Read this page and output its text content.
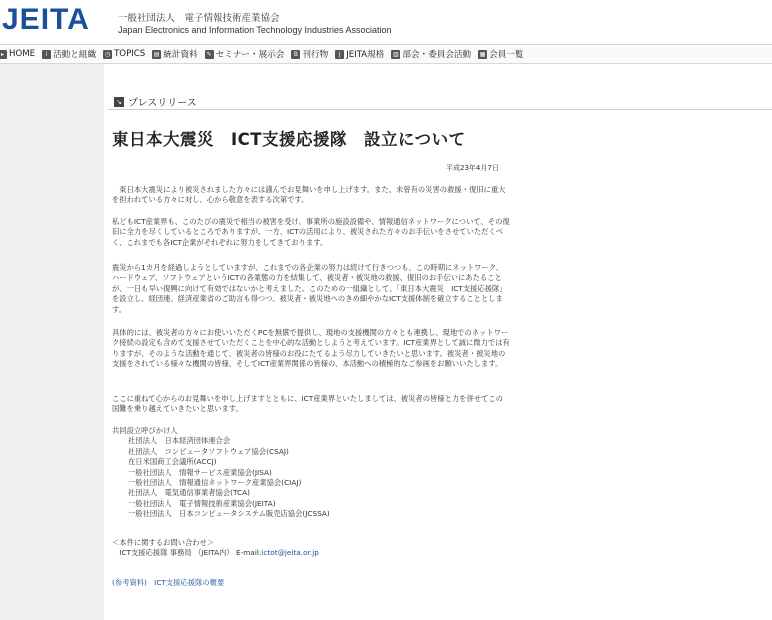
JEITA	一般社団法人　電子情報技術産業協会
Japan Electronics and Information Technology Industries Association
▸ HOME	i 活動と組織	◷ TOPICS ▤ 統計資料	✎ セミナー・展示会	B 刊行物	J JEITA規格 ▥ 部会・委員会活動 ▦ 会員一覧
↘ プレスリリース
東日本大震災　ICT支援応援隊　設立について
平成23年4月7日
　東日本大震災により被災されました方々には謹んでお見舞いを申し上げます。また、未曾有の災害の救援・復旧に重大を担われている方々に対し、心から敬意を表する次第です。
私どもICT産業界も、このたびの震災で相当の被害を受け、事業所の施設設備や、情報通信ネットワークについて、その復旧に全力を尽くしているところでありますが、一方、ICTの活用により、被災された方々のお手伝いをさせていただくべく、これまでも各ICT企業がそれぞれに努力をしてきております。
震災から1カ月を経過しようとしていますが、これまでの各企業の努力は続けて行きつつも、この時期にネットワーク、ハードウェア、ソフトウェアというICTの各業態の力を結集して、被災者・被災地の救援、復旧のお手伝いにあたることが、一日も早い復興に向けて有効ではないかと考えました。このための一組織として、「東日本大震災　ICT支援応援隊」を設立し、経団連、経済産業省のご助言も得つつ、被災者・被災地へのきめ細やかなICT支援体制を確立することとします。
具体的には、被災者の方々にお使いいただくPCを無償で提供し、現地の支援機関の方々とも連携し、現地でのネットワーク接続の設定も含めて支援させていただくことを中心的な活動としようと考えています。ICT産業界として誠に微力では有りますが、そのような活動を通じて、被災者の皆様のお役にたてるよう尽力していきたいと思います。被災者・被災地の支援をされている様々な機関の皆様、そしてICT産業界関係の皆様の、本活動への積極的なご参画をお願いいたします。
ここに重ねて心からのお見舞いを申し上げますとともに、ICT産業界といたしましては、被災者の皆様と力を併せてこの国難を乗り越えていきたいと思います。
共同設立呼びかけ人
社団法人　日本経済団体連合会
社団法人　コンピュータソフトウェア協会(CSAJ)
在日米国商工会議所(ACCJ)
一般社団法人　情報サービス産業協会(JISA)
一般社団法人　情報通信ネットワーク産業協会(CIAJ)
社団法人　電気通信事業者協会(TCA)
一般社団法人　電子情報技術産業協会(JEITA)
一般社団法人　日本コンピュータシステム販売店協会(JCSSA)
＜本件に関するお問い合わせ＞
　ICT支援応援隊 事務局 （JEITA内） E-mail:ictot@jeita.or.jp
(参考資料)　ICT支援応援隊の概要
